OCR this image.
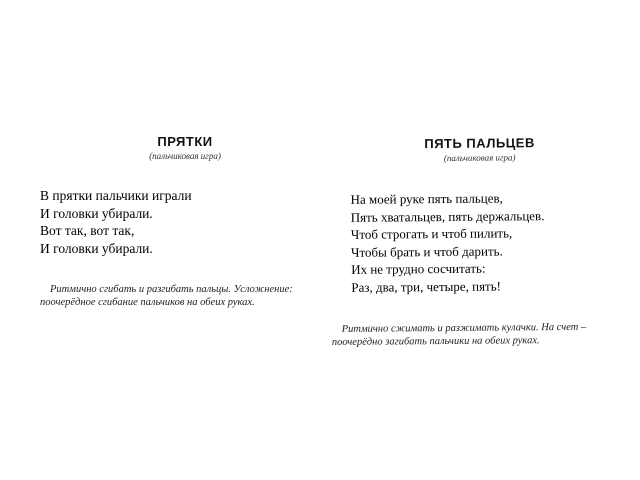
ПРЯТКИ
(пальчиковая игра)
В прятки пальчики играли
И головки убирали.
Вот так, вот так,
И головки убирали.

Ритмично сгибать и разгибать пальцы. Усложнение: поочерёдное сгибание пальчиков на обеих руках.

ПЯТЬ ПАЛЬЦЕВ
(пальчиковая игра)
На моей руке пять пальцев,
Пять хватальцев, пять держальцев.
Чтоб строгать и чтоб пилить,
Чтобы брать и чтоб дарить.
Их не трудно сосчитать:
Раз, два, три, четыре, пять!

Ритмично сжимать и разжимать кулачки. На счет – поочерёдно загибать пальчики на обеих руках.
